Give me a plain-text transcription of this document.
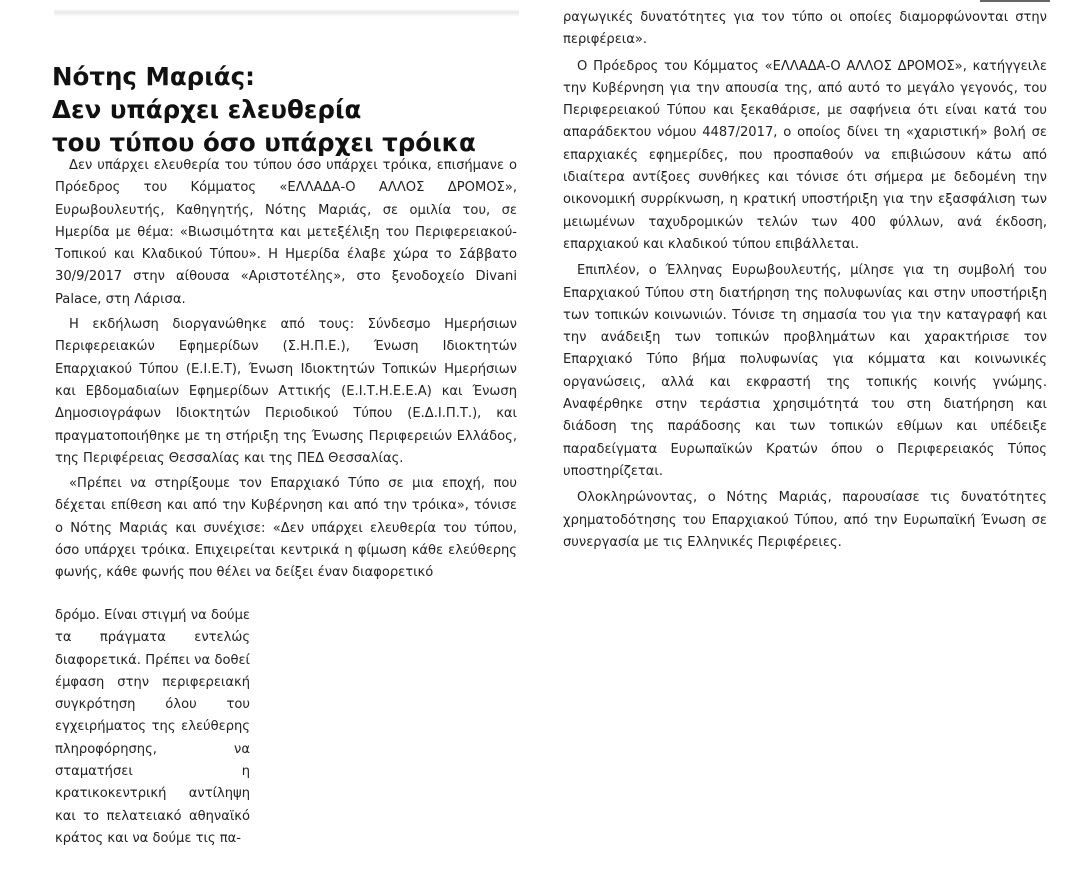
Νότης Μαριάς:
Δεν υπάρχει ελευθερία
του τύπου όσο υπάρχει τρόικα

Δεν υπάρχει ελευθερία του τύπου όσο υπάρχει τρόικα, επισήμανε ο Πρόεδρος του Κόμματος «ΕΛΛΑΔΑ-Ο ΑΛΛΟΣ ΔΡΟΜΟΣ», Ευρωβουλευτής, Καθηγητής, Νότης Μαριάς, σε ομιλία του, σε Ημερίδα με θέμα: «Βιωσιμότητα και μετεξέλιξη του Περιφερειακού-Τοπικού και Κλαδικού Τύπου». Η Ημερίδα έλαβε χώρα το Σάββατο 30/9/2017 στην αίθουσα «Αριστοτέλης», στο ξενοδοχείο Divani Palace, στη Λάρισα.

Η εκδήλωση διοργανώθηκε από τους: Σύνδεσμο Ημερήσιων Περιφερειακών Εφημερίδων (Σ.Η.Π.Ε.), Ένωση Ιδιοκτητών Επαρχιακού Τύπου (Ε.Ι.Ε.Τ), Ένωση Ιδιοκτητών Τοπικών Ημερήσιων και Εβδομαδιαίων Εφημερίδων Αττικής (Ε.Ι.Τ.Η.Ε.Ε.Α) και Ένωση Δημοσιογράφων Ιδιοκτητών Περιοδικού Τύπου (Ε.Δ.Ι.Π.Τ.), και πραγματοποιήθηκε με τη στήριξη της Ένωσης Περιφερειών Ελλάδος, της Περιφέρειας Θεσσαλίας και της ΠΕΔ Θεσσαλίας.

«Πρέπει να στηρίξουμε τον Επαρχιακό Τύπο σε μια εποχή, που δέχεται επίθεση και από την Κυβέρνηση και από την τρόικα», τόνισε ο Νότης Μαριάς και συνέχισε: «Δεν υπάρχει ελευθερία του τύπου, όσο υπάρχει τρόικα. Επιχειρείται κεντρικά η φίμωση κάθε ελεύθερης φωνής, κάθε φωνής που θέλει να δείξει έναν διαφορετικό

δρόμο. Είναι στιγμή να δούμε τα πράγματα εντελώς διαφορετικά. Πρέπει να δοθεί έμφαση στην περιφερειακή συγκρότηση όλου του εγχειρήματος της ελεύθερης πληροφόρησης, να σταματήσει η κρατικοκεντρική αντίληψη και το πελατειακό αθηναϊκό κράτος και να δούμε τις πα-

ραγωγικές δυνατότητες για τον τύπο οι οποίες διαμορφώνονται στην περιφέρεια».

Ο Πρόεδρος του Κόμματος «ΕΛΛΑΔΑ-Ο ΑΛΛΟΣ ΔΡΟΜΟΣ», κατήγγειλε την Κυβέρνηση για την απουσία της, από αυτό το μεγάλο γεγονός, του Περιφερειακού Τύπου και ξεκαθάρισε, με σαφήνεια ότι είναι κατά του απαράδεκτου νόμου 4487/2017, ο οποίος δίνει τη «χαριστική» βολή σε επαρχιακές εφημερίδες, που προσπαθούν να επιβιώσουν κάτω από ιδιαίτερα αντίξοες συνθήκες και τόνισε ότι σήμερα με δεδομένη την οικονομική συρρίκνωση, η κρατική υποστήριξη για την εξασφάλιση των μειωμένων ταχυδρομικών τελών των 400 φύλλων, ανά έκδοση, επαρχιακού και κλαδικού τύπου επιβάλλεται.

Επιπλέον, ο Έλληνας Ευρωβουλευτής, μίλησε για τη συμβολή του Επαρχιακού Τύπου στη διατήρηση της πολυφωνίας και στην υποστήριξη των τοπικών κοινωνιών. Τόνισε τη σημασία του για την καταγραφή και την ανάδειξη των τοπικών προβλημάτων και χαρακτήρισε τον Επαρχιακό Τύπο βήμα πολυφωνίας για κόμματα και κοινωνικές οργανώσεις, αλλά και εκφραστή της τοπικής κοινής γνώμης. Αναφέρθηκε στην τεράστια χρησιμότητά του στη διατήρηση και διάδοση της παράδοσης και των τοπικών εθίμων και υπέδειξε παραδείγματα Ευρωπαϊκών Κρατών όπου ο Περιφερειακός Τύπος υποστηρίζεται.

Ολοκληρώνοντας, ο Νότης Μαριάς, παρουσίασε τις δυνατότητες χρηματοδότησης του Επαρχιακού Τύπου, από την Ευρωπαϊκή Ένωση σε συνεργασία με τις Ελληνικές Περιφέρειες.
